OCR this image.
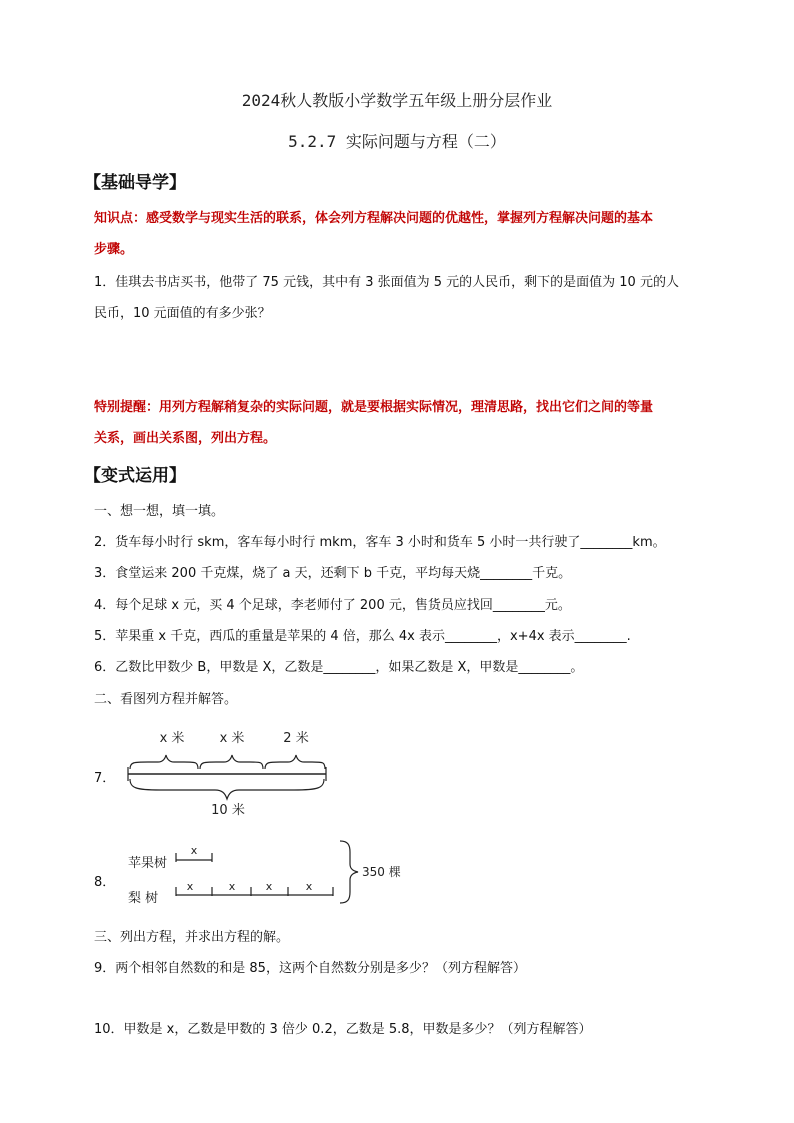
2024秋人教版小学数学五年级上册分层作业
5.2.7 实际问题与方程（二）
【基础导学】
知识点：感受数学与现实生活的联系，体会列方程解决问题的优越性，掌握列方程解决问题的基本
步骤。
1．佳琪去书店买书，他带了 75 元钱，其中有 3 张面值为 5 元的人民币，剩下的是面值为 10 元的人
民币，10 元面值的有多少张？
特别提醒：用列方程解稍复杂的实际问题，就是要根据实际情况，理清思路，找出它们之间的等量
关系，画出关系图，列出方程。
【变式运用】
一、想一想，填一填。
2．货车每小时行 skm，客车每小时行 mkm，客车 3 小时和货车 5 小时一共行驶了________km。
3．食堂运来 200 千克煤，烧了 a 天，还剩下 b 千克，平均每天烧________千克。
4．每个足球 x 元，买 4 个足球，李老师付了 200 元，售货员应找回________元。
5．苹果重 x 千克，西瓜的重量是苹果的 4 倍，那么 4x 表示________，x+4x 表示________.
6．乙数比甲数少 B，甲数是 X，乙数是________，如果乙数是 X，甲数是________。
二、看图列方程并解答。
7．
x 米	x 米	2 米
10 米
8．
苹果树
梨 树
x
x	x	x	x
350 棵
三、列出方程，并求出方程的解。
9．两个相邻自然数的和是 85，这两个自然数分别是多少？（列方程解答）
10．甲数是 x，乙数是甲数的 3 倍少 0.2，乙数是 5.8，甲数是多少？（列方程解答）
